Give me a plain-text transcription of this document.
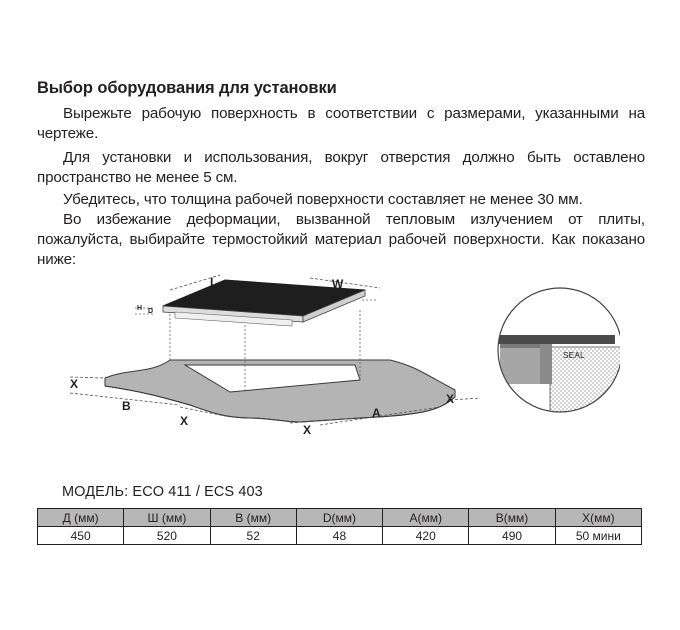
Выбор оборудования для установки

Вырежьте рабочую поверхность в соответствии с размерами, указанными на чертеже.

Для установки и использования, вокруг отверстия должно быть оставлено пространство не менее 5 см.

Убедитесь, что толщина рабочей поверхности составляет не менее 30 мм.

Во избежание деформации, вызванной тепловым излучением от плиты, пожалуйста, выбирайте термостойкий материал рабочей поверхности. Как показано ниже:

L	W
H D
X
B
X
X
A
X
SEAL
МОДЕЛЬ: ECO 411 / ECS 403
Д (мм)	Ш (мм)	В (мм)	D(мм)	A(мм)	B(мм)	X(мм)
450	520	52	48	420	490	50 мини
